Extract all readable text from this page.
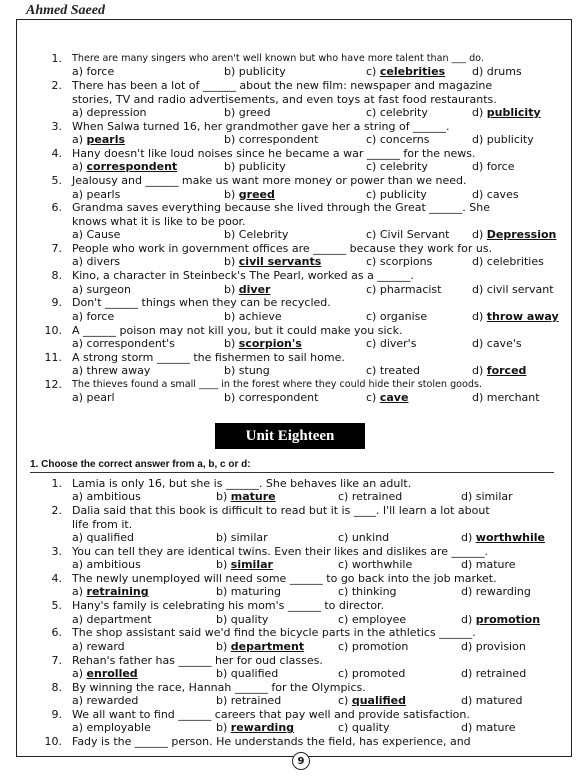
Ahmed Saeed
1. There are many singers who aren't well known but who have more talent than ___ do.
a) force	b) publicity	c) celebrities d) drums
2. There has been a lot of ______ about the new film: newspaper and magazine
stories, TV and radio advertisements, and even toys at fast food restaurants.
a) depression	b) greed	c) celebrity	d) publicity
3. When Salwa turned 16, her grandmother gave her a string of ______.
a) pearls	b) correspondent	c) concerns	d) publicity
4. Hany doesn't like loud noises since he became a war ______ for the news.
a) correspondent	b) publicity	c) celebrity	d) force
5. Jealousy and ______ make us want more money or power than we need.
a) pearls	b) greed	c) publicity	d) caves
6. Grandma saves everything because she lived through the Great ______. She
knows what it is like to be poor.
a) Cause	b) Celebrity	c) Civil Servant d) Depression
7. People who work in government offices are ______ because they work for us.
a) divers	b) civil servants	c) scorpions	d) celebrities
8. Kino, a character in Steinbeck's The Pearl, worked as a ______.
a) surgeon	b) diver	c) pharmacist	d) civil servant
9. Don't ______ things when they can be recycled.
a) force	b) achieve	c) organise	d) throw away
10. A ______ poison may not kill you, but it could make you sick.
a) correspondent's	b) scorpion's	c) diver's	d) cave's
11. A strong storm ______ the fishermen to sail home.
a) threw away	b) stung	c) treated	d) forced
12. The thieves found a small ____ in the forest where they could hide their stolen goods.
a) pearl	b) correspondent	c) cave	d) merchant
Unit Eighteen
1. Choose the correct answer from a, b, c or d:
1. Lamia is only 16, but she is ______. She behaves like an adult.
a) ambitious	b) mature	c) retrained	d) similar
2. Dalia said that this book is difficult to read but it is ____. I'll learn a lot about
life from it.
a) qualified	b) similar	c) unkind	d) worthwhile
3. You can tell they are identical twins. Even their likes and dislikes are ______.
a) ambitious	b) similar	c) worthwhile	d) mature
4. The newly unemployed will need some ______ to go back into the job market.
a) retraining	b) maturing	c) thinking	d) rewarding
5. Hany's family is celebrating his mom's ______ to director.
a) department	b) quality	c) employee	d) promotion
6. The shop assistant said we'd find the bicycle parts in the athletics ______.
a) reward	b) department	c) promotion	d) provision
7. Rehan's father has ______ her for oud classes.
a) enrolled	b) qualified	c) promoted	d) retrained
8. By winning the race, Hannah ______ for the Olympics.
a) rewarded	b) retrained	c) qualified	d) matured
9. We all want to find ______ careers that pay well and provide satisfaction.
a) employable	b) rewarding	c) quality	d) mature
10. Fady is the ______ person. He understands the field, has experience, and
9
